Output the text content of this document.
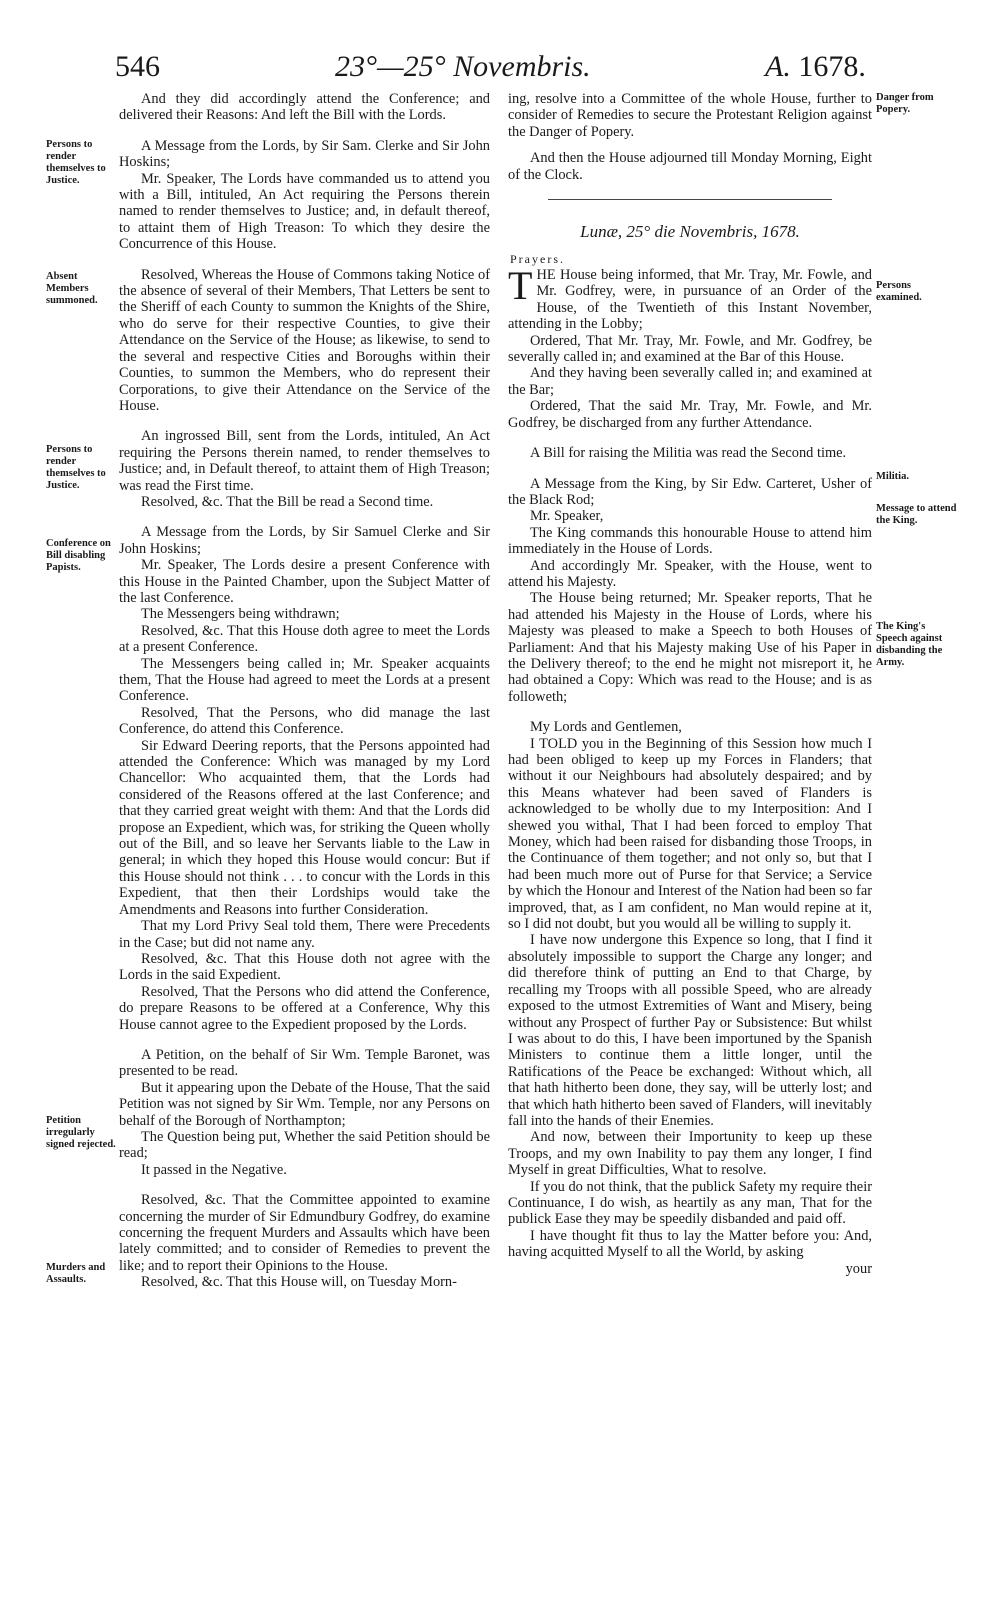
546	23°—25° Novembris.	A. 1678.
Persons to render themselves to Justice.
Absent Members summoned.
Persons to render themselves to Justice.
Conference on Bill disabling Papists.
Petition irregularly signed rejected.
Murders and Assaults.
Danger from Popery.
Persons examined.
Militia.
Message to attend the King.
The King's Speech against disbanding the Army.

And they did accordingly attend the Conference; and delivered their Reasons: And left the Bill with the Lords.

A Message from the Lords, by Sir Sam. Clerke and Sir John Hoskins;

Mr. Speaker, The Lords have commanded us to attend you with a Bill, intituled, An Act requiring the Persons therein named to render themselves to Justice; and, in default thereof, to attaint them of High Treason: To which they desire the Concurrence of this House.

Resolved, Whereas the House of Commons taking Notice of the absence of several of their Members, That Letters be sent to the Sheriff of each County to summon the Knights of the Shire, who do serve for their respective Counties, to give their Attendance on the Service of the House; as likewise, to send to the several and respective Cities and Boroughs within their Counties, to summon the Members, who do represent their Corporations, to give their Attendance on the Service of the House.

An ingrossed Bill, sent from the Lords, intituled, An Act requiring the Persons therein named, to render themselves to Justice; and, in Default thereof, to attaint them of High Treason; was read the First time.

Resolved, &c. That the Bill be read a Second time.

A Message from the Lords, by Sir Samuel Clerke and Sir John Hoskins;

Mr. Speaker, The Lords desire a present Conference with this House in the Painted Chamber, upon the Subject Matter of the last Conference.

The Messengers being withdrawn;

Resolved, &c. That this House doth agree to meet the Lords at a present Conference.

The Messengers being called in; Mr. Speaker acquaints them, That the House had agreed to meet the Lords at a present Conference.

Resolved, That the Persons, who did manage the last Conference, do attend this Conference.

Sir Edward Deering reports, that the Persons appointed had attended the Conference: Which was managed by my Lord Chancellor: Who acquainted them, that the Lords had considered of the Reasons offered at the last Conference; and that they carried great weight with them: And that the Lords did propose an Expedient, which was, for striking the Queen wholly out of the Bill, and so leave her Servants liable to the Law in general; in which they hoped this House would concur: But if this House should not think . . . to concur with the Lords in this Expedient, that then their Lordships would take the Amendments and Reasons into further Consideration.

That my Lord Privy Seal told them, There were Precedents in the Case; but did not name any.

Resolved, &c. That this House doth not agree with the Lords in the said Expedient.

Resolved, That the Persons who did attend the Conference, do prepare Reasons to be offered at a Conference, Why this House cannot agree to the Expedient proposed by the Lords.

A Petition, on the behalf of Sir Wm. Temple Baronet, was presented to be read.

But it appearing upon the Debate of the House, That the said Petition was not signed by Sir Wm. Temple, nor any Persons on behalf of the Borough of Northampton;

The Question being put, Whether the said Petition should be read;

It passed in the Negative.

Resolved, &c. That the Committee appointed to examine concerning the murder of Sir Edmundbury Godfrey, do examine concerning the frequent Murders and Assaults which have been lately committed; and to consider of Remedies to prevent the like; and to report their Opinions to the House.

Resolved, &c. That this House will, on Tuesday Morn-

ing, resolve into a Committee of the whole House, further to consider of Remedies to secure the Protestant Religion against the Danger of Popery.

And then the House adjourned till Monday Morning, Eight of the Clock.

Lunæ, 25° die Novembris, 1678.
Prayers.

THE House being informed, that Mr. Tray, Mr. Fowle, and Mr. Godfrey, were, in pursuance of an Order of the House, of the Twentieth of this Instant November, attending in the Lobby;

Ordered, That Mr. Tray, Mr. Fowle, and Mr. Godfrey, be severally called in; and examined at the Bar of this House.

And they having been severally called in; and examined at the Bar;

Ordered, That the said Mr. Tray, Mr. Fowle, and Mr. Godfrey, be discharged from any further Attendance.

A Bill for raising the Militia was read the Second time.

A Message from the King, by Sir Edw. Carteret, Usher of the Black Rod;

Mr. Speaker,

The King commands this honourable House to attend him immediately in the House of Lords.

And accordingly Mr. Speaker, with the House, went to attend his Majesty.

The House being returned; Mr. Speaker reports, That he had attended his Majesty in the House of Lords, where his Majesty was pleased to make a Speech to both Houses of Parliament: And that his Majesty making Use of his Paper in the Delivery thereof; to the end he might not misreport it, he had obtained a Copy: Which was read to the House; and is as followeth;

My Lords and Gentlemen,

I TOLD you in the Beginning of this Session how much I had been obliged to keep up my Forces in Flanders; that without it our Neighbours had absolutely despaired; and by this Means whatever had been saved of Flanders is acknowledged to be wholly due to my Interposition: And I shewed you withal, That I had been forced to employ That Money, which had been raised for disbanding those Troops, in the Continuance of them together; and not only so, but that I had been much more out of Purse for that Service; a Service by which the Honour and Interest of the Nation had been so far improved, that, as I am confident, no Man would repine at it, so I did not doubt, but you would all be willing to supply it.

I have now undergone this Expence so long, that I find it absolutely impossible to support the Charge any longer; and did therefore think of putting an End to that Charge, by recalling my Troops with all possible Speed, who are already exposed to the utmost Extremities of Want and Misery, being without any Prospect of further Pay or Subsistence: But whilst I was about to do this, I have been importuned by the Spanish Ministers to continue them a little longer, until the Ratifications of the Peace be exchanged: Without which, all that hath hitherto been done, they say, will be utterly lost; and that which hath hitherto been saved of Flanders, will inevitably fall into the hands of their Enemies.

And now, between their Importunity to keep up these Troops, and my own Inability to pay them any longer, I find Myself in great Difficulties, What to resolve.

If you do not think, that the publick Safety my require their Continuance, I do wish, as heartily as any man, That for the publick Ease they may be speedily disbanded and paid off.

I have thought fit thus to lay the Matter before you: And, having acquitted Myself to all the World, by asking

your
